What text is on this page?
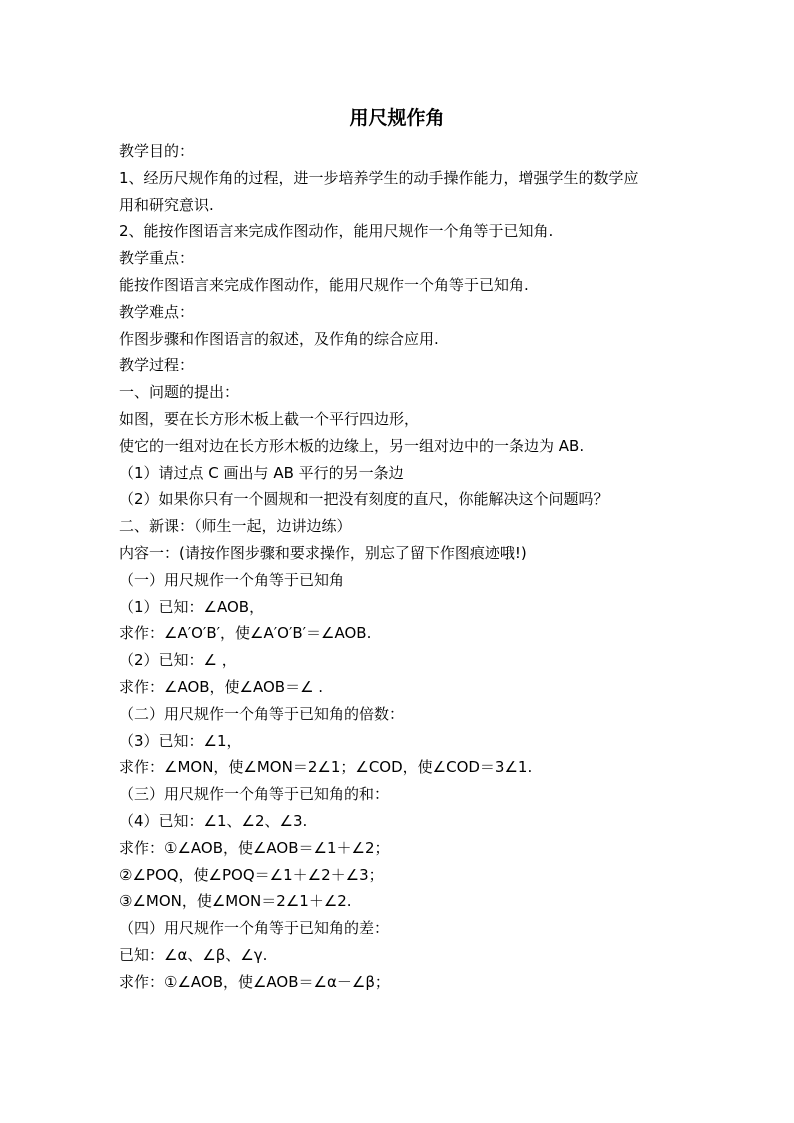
用尺规作角
教学目的：
1、经历尺规作角的过程，进一步培养学生的动手操作能力，增强学生的数学应
用和研究意识.
2、能按作图语言来完成作图动作，能用尺规作一个角等于已知角.
教学重点：
能按作图语言来完成作图动作，能用尺规作一个角等于已知角.
教学难点：
作图步骤和作图语言的叙述，及作角的综合应用.
教学过程：
一、问题的提出：
如图，要在长方形木板上截一个平行四边形，
使它的一组对边在长方形木板的边缘上，另一组对边中的一条边为 AB.
（1）请过点 C 画出与 AB 平行的另一条边
（2）如果你只有一个圆规和一把没有刻度的直尺，你能解决这个问题吗？
二、新课：（师生一起，边讲边练）
内容一：(请按作图步骤和要求操作，别忘了留下作图痕迹哦!)
（一）用尺规作一个角等于已知角
（1）已知：∠AOB，
求作：∠A′O′B′，使∠A′O′B′＝∠AOB.
（2）已知：∠ ，
求作：∠AOB，使∠AOB＝∠ .
（二）用尺规作一个角等于已知角的倍数：
（3）已知：∠1，
求作：∠MON，使∠MON＝2∠1；∠COD，使∠COD＝3∠1.
（三）用尺规作一个角等于已知角的和：
（4）已知：∠1、∠2、∠3.
求作：①∠AOB，使∠AOB＝∠1＋∠2；
②∠POQ，使∠POQ＝∠1＋∠2＋∠3；
③∠MON，使∠MON＝2∠1＋∠2.
（四）用尺规作一个角等于已知角的差：
已知：∠α、∠β、∠γ.
求作：①∠AOB，使∠AOB＝∠α－∠β；
